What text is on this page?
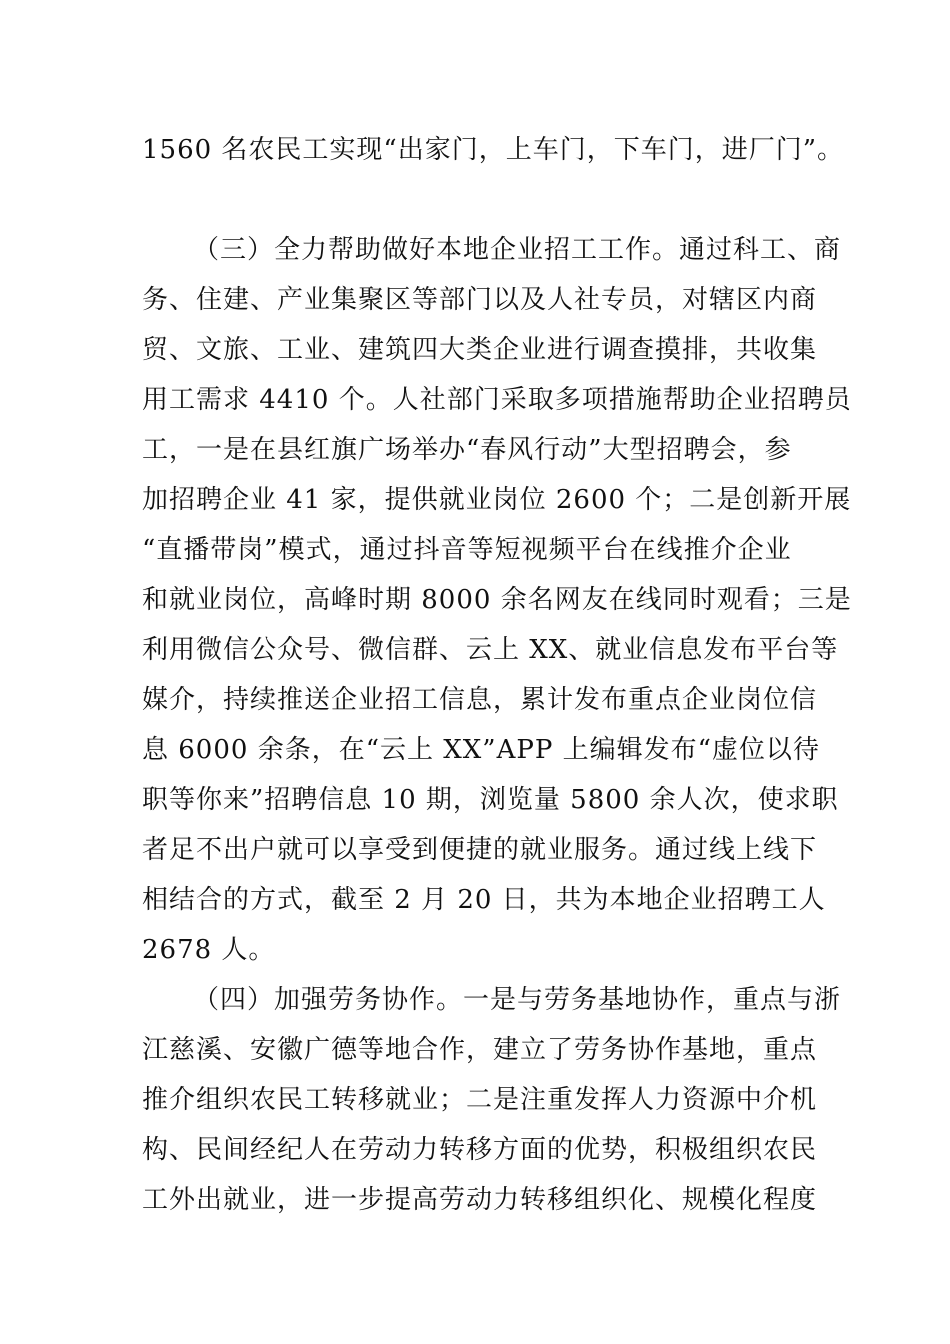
1560 名农民工实现“出家门，上车门，下车门，进厂门”。

（三）全力帮助做好本地企业招工工作。通过科工、商

务、住建、产业集聚区等部门以及人社专员，对辖区内商

贸、文旅、工业、建筑四大类企业进行调查摸排，共收集

用工需求 4410 个。人社部门采取多项措施帮助企业招聘员

工，一是在县红旗广场举办“春风行动”大型招聘会，参

加招聘企业 41 家，提供就业岗位 2600 个；二是创新开展

“直播带岗”模式，通过抖音等短视频平台在线推介企业

和就业岗位，高峰时期 8000 余名网友在线同时观看；三是

利用微信公众号、微信群、云上 XX、就业信息发布平台等

媒介，持续推送企业招工信息，累计发布重点企业岗位信

息 6000 余条，在“云上 XX”APP 上编辑发布“虚位以待

职等你来”招聘信息 10 期，浏览量 5800 余人次，使求职

者足不出户就可以享受到便捷的就业服务。通过线上线下

相结合的方式，截至 2 月 20 日，共为本地企业招聘工人

2678 人。

（四）加强劳务协作。一是与劳务基地协作，重点与浙

江慈溪、安徽广德等地合作，建立了劳务协作基地，重点

推介组织农民工转移就业；二是注重发挥人力资源中介机

构、民间经纪人在劳动力转移方面的优势，积极组织农民

工外出就业，进一步提高劳动力转移组织化、规模化程度
